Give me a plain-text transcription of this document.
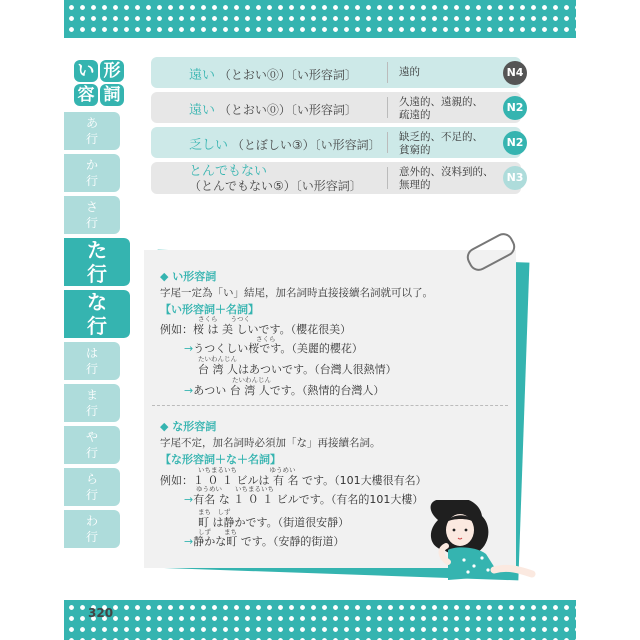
い 形
容 詞
あ
行
か
行
さ
行
た
行
な
行
は
行
ま
行
や
行
ら
行
わ
行
遠い （とおい⓪）〔い形容詞〕	遠的	N4
遠い （とおい⓪）〔い形容詞〕
久遠的、遠親的、
疏遠的
N2
乏しい （とぼしい③）〔い形容詞〕
缺乏的、不足的、
貧窮的
N2
とんでもない
（とんでもない⑤）〔い形容詞〕
意外的、沒料到的、
無理的
N3
◆ い形容詞
字尾一定為「い」結尾，加名詞時直接接續名詞就可以了。
【い形容詞＋名詞】
さくら　　うつく
例如：桜 は 美 しいです。（櫻花很美）
さくら
→うつくしい桜です。（美麗的櫻花）
たいわんじん
台 湾 人はあついです。（台灣人很熱情）
たいわんじん
→あつい 台 湾 人です。（熱情的台灣人）
◆ な形容詞
字尾不定，加名詞時必須加「な」再接續名詞。
【な形容詞＋な＋名詞】
いちまるいち　　　　　ゆうめい
例如：１ ０ １ ビルは 有 名 です。（101大樓很有名）
ゆうめい　　いちまるいち
→有名 な １ ０ １ ビルです。（有名的101大樓）
まち　しず
町 は静かです。（街道很安靜）
しず　　まち
→静かな町 です。（安靜的街道）
320
